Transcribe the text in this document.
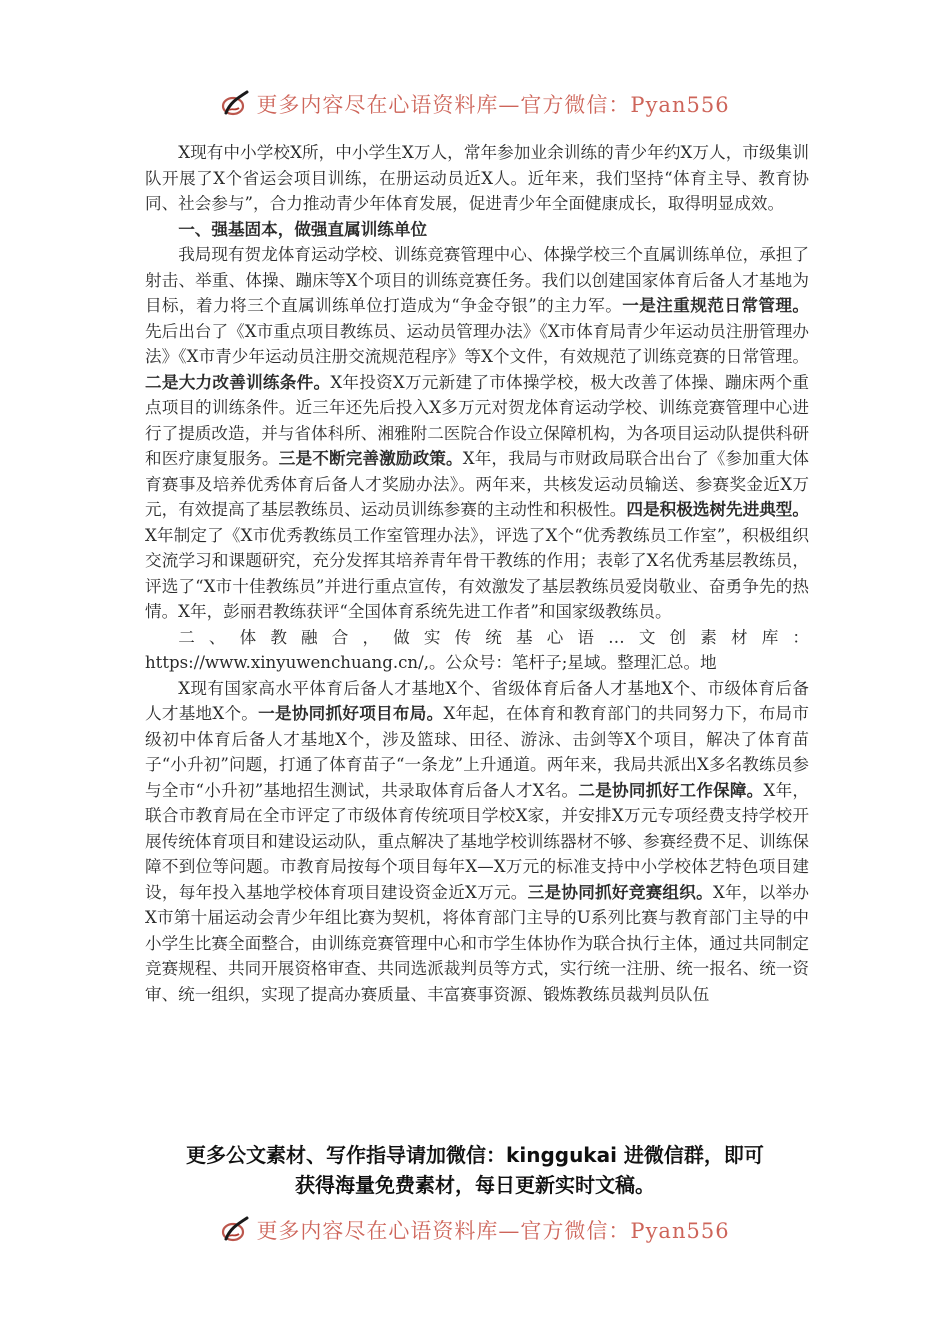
更多内容尽在心语资料库—官方微信：Pyan556

X现有中小学校X所，中小学生X万人，常年参加业余训练的青少年约X万人，市级集训队开展了X个省运会项目训练，在册运动员近X人。近年来，我们坚持“体育主导、教育协同、社会参与”，合力推动青少年体育发展，促进青少年全面健康成长，取得明显成效。

一、强基固本，做强直属训练单位

我局现有贺龙体育运动学校、训练竞赛管理中心、体操学校三个直属训练单位，承担了射击、举重、体操、蹦床等X个项目的训练竞赛任务。我们以创建国家体育后备人才基地为目标，着力将三个直属训练单位打造成为“争金夺银”的主力军。一是注重规范日常管理。先后出台了《X市重点项目教练员、运动员管理办法》《X市体育局青少年运动员注册管理办法》《X市青少年运动员注册交流规范程序》等X个文件，有效规范了训练竞赛的日常管理。二是大力改善训练条件。X年投资X万元新建了市体操学校，极大改善了体操、蹦床两个重点项目的训练条件。近三年还先后投入X多万元对贺龙体育运动学校、训练竞赛管理中心进行了提质改造，并与省体科所、湘雅附二医院合作设立保障机构，为各项目运动队提供科研和医疗康复服务。三是不断完善激励政策。X年，我局与市财政局联合出台了《参加重大体育赛事及培养优秀体育后备人才奖励办法》。两年来，共核发运动员输送、参赛奖金近X万元，有效提高了基层教练员、运动员训练参赛的主动性和积极性。四是积极选树先进典型。X年制定了《X市优秀教练员工作室管理办法》，评选了X个“优秀教练员工作室”，积极组织交流学习和课题研究，充分发挥其培养青年骨干教练的作用；表彰了X名优秀基层教练员，评选了“X市十佳教练员”并进行重点宣传，有效激发了基层教练员爱岗敬业、奋勇争先的热情。X年，彭丽君教练获评“全国体育系统先进工作者”和国家级教练员。

二、体教融合，做实传统基心语…文创素材库：https://www.xinyuwenchuang.cn/,。公众号：笔杆子;星域。整理汇总。地

X现有国家高水平体育后备人才基地X个、省级体育后备人才基地X个、市级体育后备人才基地X个。一是协同抓好项目布局。X年起，在体育和教育部门的共同努力下，布局市级初中体育后备人才基地X个，涉及篮球、田径、游泳、击剑等X个项目，解决了体育苗子“小升初”问题，打通了体育苗子“一条龙”上升通道。两年来，我局共派出X多名教练员参与全市“小升初”基地招生测试，共录取体育后备人才X名。二是协同抓好工作保障。X年，联合市教育局在全市评定了市级体育传统项目学校X家，并安排X万元专项经费支持学校开展传统体育项目和建设运动队，重点解决了基地学校训练器材不够、参赛经费不足、训练保障不到位等问题。市教育局按每个项目每年X—X万元的标准支持中小学校体艺特色项目建设，每年投入基地学校体育项目建设资金近X万元。三是协同抓好竞赛组织。X年，以举办X市第十届运动会青少年组比赛为契机，将体育部门主导的U系列比赛与教育部门主导的中小学生比赛全面整合，由训练竞赛管理中心和市学生体协作为联合执行主体，通过共同制定竞赛规程、共同开展资格审查、共同选派裁判员等方式，实行统一注册、统一报名、统一资审、统一组织，实现了提高办赛质量、丰富赛事资源、锻炼教练员裁判员队伍

更多公文素材、写作指导请加微信：kinggukai 进微信群，即可
获得海量免费素材，每日更新实时文稿。
更多内容尽在心语资料库—官方微信：Pyan556
